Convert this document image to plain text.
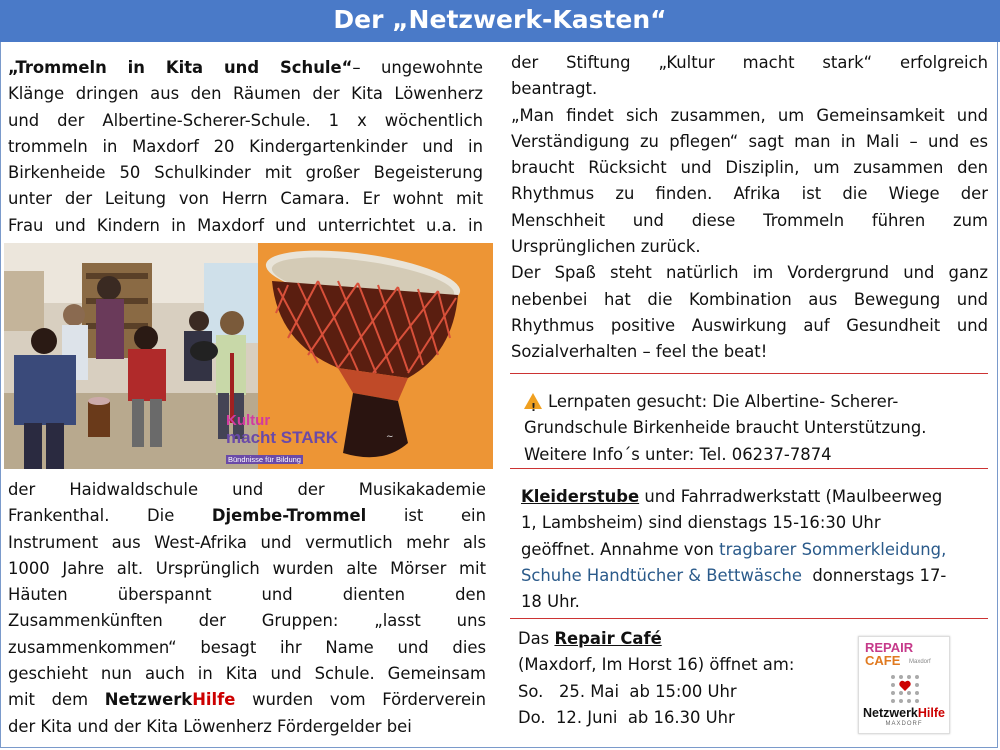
Der „Netzwerk-Kasten“
„Trommeln in Kita und Schule“– ungewohnte
Klänge dringen aus den Räumen der Kita Löwenherz
und der Albertine-Scherer-Schule. 1 x wöchentlich
trommeln in Maxdorf 20 Kindergartenkinder und in
Birkenheide 50 Schulkinder mit großer Begeisterung
unter der Leitung von Herrn Camara. Er wohnt mit
Frau und Kindern in Maxdorf und unterrichtet u.a. in
~
Kultur
macht STARK
Bündnisse für Bildung
der Haidwaldschule und der Musikakademie
Frankenthal. Die Djembe-Trommel ist ein
Instrument aus West-Afrika und vermutlich mehr als
1000 Jahre alt. Ursprünglich wurden alte Mörser mit
Häuten überspannt und dienten den
Zusammenkünften der Gruppen: „lasst uns
zusammenkommen“ besagt ihr Name und dies
geschieht nun auch in Kita und Schule. Gemeinsam
mit dem NetzwerkHilfe wurden vom Förderverein
der Kita und der Kita Löwenherz Fördergelder bei
der Stiftung „Kultur macht stark“ erfolgreich
beantragt.
„Man findet sich zusammen, um Gemeinsamkeit und
Verständigung zu pflegen“ sagt man in Mali – und es
braucht Rücksicht und Disziplin, um zusammen den
Rhythmus zu finden. Afrika ist die Wiege der
Menschheit und diese Trommeln führen zum
Ursprünglichen zurück.
Der Spaß steht natürlich im Vordergrund und ganz
nebenbei hat die Kombination aus Bewegung und
Rhythmus positive Auswirkung auf Gesundheit und
Sozialverhalten – feel the beat!
!Lernpaten gesucht: Die Albertine- Scherer-
Grundschule Birkenheide braucht Unterstützung.
Weitere Info´s unter: Tel. 06237-7874
Kleiderstube und Fahrradwerkstatt (Maulbeerweg
1, Lambsheim) sind dienstags 15-16:30 Uhr
geöffnet. Annahme von tragbarer Sommerkleidung,
Schuhe Handtücher & Bettwäsche  donnerstags 17-
18 Uhr.
Das Repair Café
(Maxdorf, Im Horst 16) öffnet am:
So.   25. Mai  ab 15:00 Uhr
Do.  12. Juni  ab 16.30 Uhr
REPAIR
CAFE Maxdorf
NetzwerkHilfe
MAXDORF
